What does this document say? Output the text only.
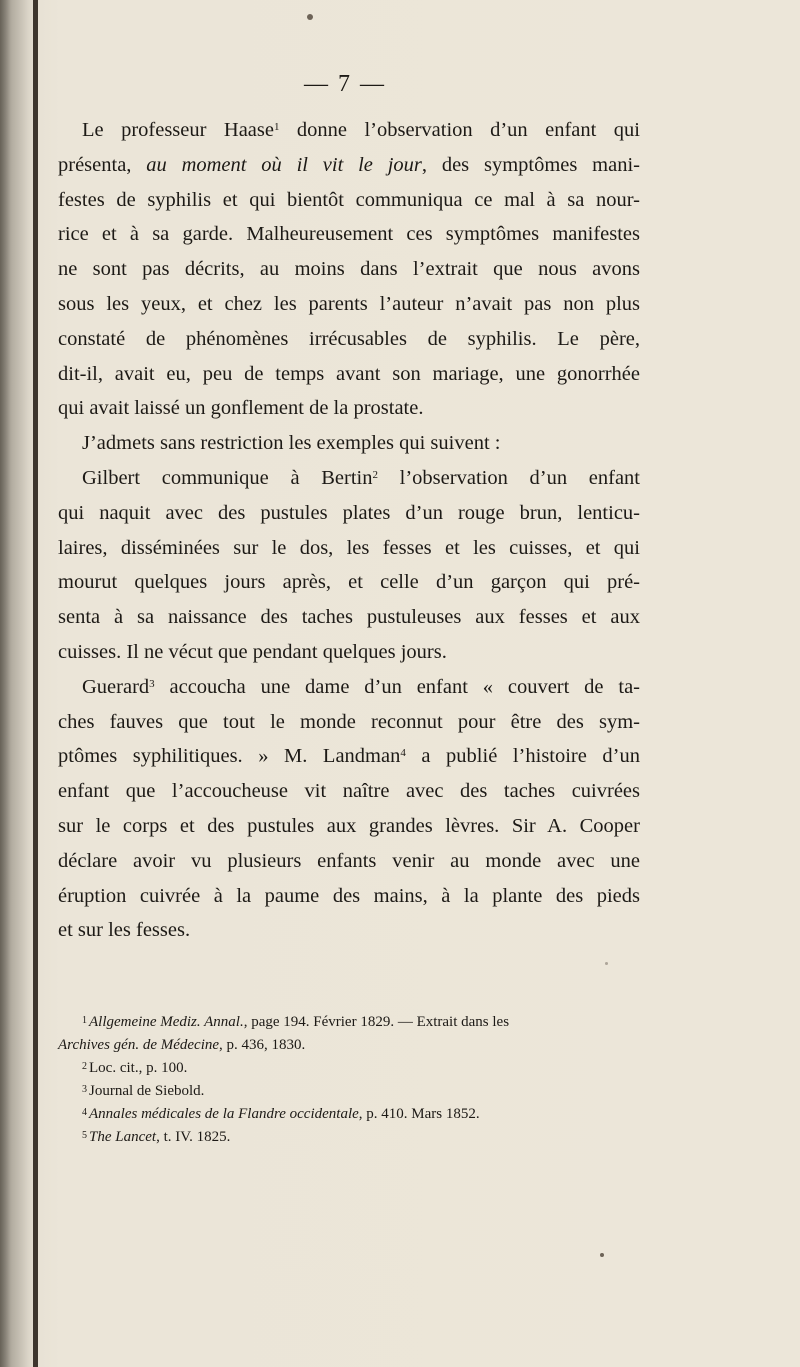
— 7 —
Le professeur Haase$^1$ donne l’observation d’un enfant qui
présenta, au moment où il vit le jour, des symptômes mani-
festes de syphilis et qui bientôt communiqua ce mal à sa nour-
rice et à sa garde. Malheureusement ces symptômes manifestes
ne sont pas décrits, au moins dans l’extrait que nous avons
sous les yeux, et chez les parents l’auteur n’avait pas non plus
constaté de phénomènes irrécusables de syphilis. Le père,
dit-il, avait eu, peu de temps avant son mariage, une gonorrhée
qui avait laissé un gonflement de la prostate.
J’admets sans restriction les exemples qui suivent :
Gilbert communique à Bertin$^2$ l’observation d’un enfant
qui naquit avec des pustules plates d’un rouge brun, lenticu-
laires, disséminées sur le dos, les fesses et les cuisses, et qui
mourut quelques jours après, et celle d’un garçon qui pré-
senta à sa naissance des taches pustuleuses aux fesses et aux
cuisses. Il ne vécut que pendant quelques jours.
Guerard$^3$ accoucha une dame d’un enfant « couvert de ta-
ches fauves que tout le monde reconnut pour être des sym-
ptômes syphilitiques. » M. Landman$^4$ a publié l’histoire d’un
enfant que l’accoucheuse vit naître avec des taches cuivrées
sur le corps et des pustules aux grandes lèvres. Sir A. Cooper
déclare avoir vu plusieurs enfants venir au monde avec une
éruption cuivrée à la paume des mains, à la plante des pieds
et sur les fesses.
$^1$ Allgemeine Mediz. Annal., page 194. Février 1829. — Extrait dans les
Archives gén. de Médecine, p. 436, 1830.
$^2$ Loc. cit., p. 100.
$^3$ Journal de Siebold.
$^4$ Annales médicales de la Flandre occidentale, p. 410. Mars 1852.
$^5$ The Lancet, t. IV. 1825.
